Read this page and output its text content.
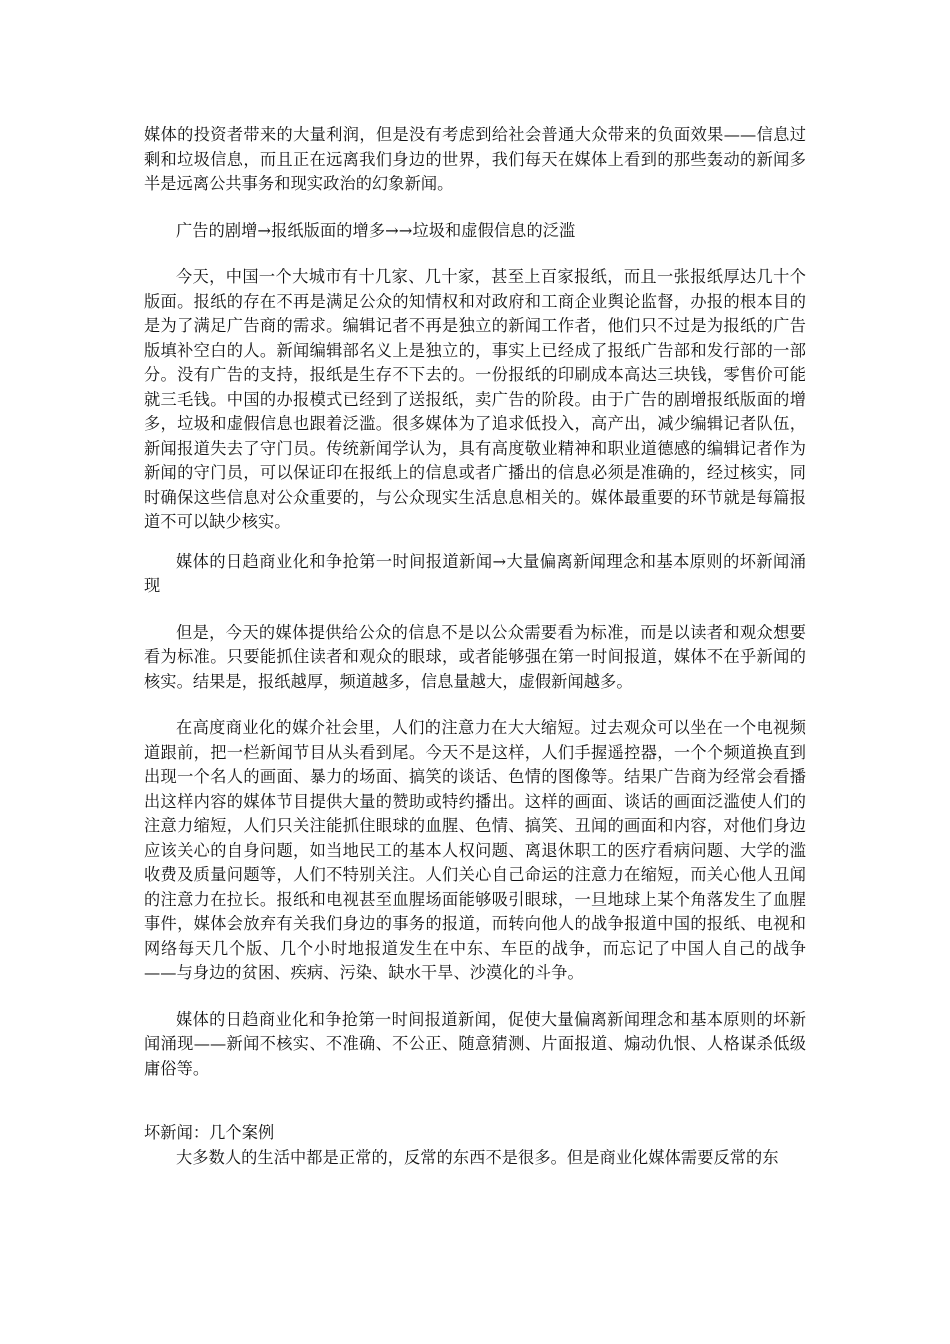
媒体的投资者带来的大量利润，但是没有考虑到给社会普通大众带来的负面效果——信息过剩和垃圾信息，而且正在远离我们身边的世界，我们每天在媒体上看到的那些轰动的新闻多半是远离公共事务和现实政治的幻象新闻。

广告的剧增→报纸版面的增多→→垃圾和虚假信息的泛滥

今天，中国一个大城市有十几家、几十家，甚至上百家报纸，而且一张报纸厚达几十个版面。报纸的存在不再是满足公众的知情权和对政府和工商企业舆论监督，办报的根本目的是为了满足广告商的需求。编辑记者不再是独立的新闻工作者，他们只不过是为报纸的广告版填补空白的人。新闻编辑部名义上是独立的，事实上已经成了报纸广告部和发行部的一部分。没有广告的支持，报纸是生存不下去的。一份报纸的印刷成本高达三块钱，零售价可能就三毛钱。中国的办报模式已经到了送报纸，卖广告的阶段。由于广告的剧增报纸版面的增多，垃圾和虚假信息也跟着泛滥。很多媒体为了追求低投入，高产出，减少编辑记者队伍，新闻报道失去了守门员。传统新闻学认为，具有高度敬业精神和职业道德感的编辑记者作为新闻的守门员，可以保证印在报纸上的信息或者广播出的信息必须是准确的，经过核实，同时确保这些信息对公众重要的，与公众现实生活息息相关的。媒体最重要的环节就是每篇报道不可以缺少核实。

媒体的日趋商业化和争抢第一时间报道新闻→大量偏离新闻理念和基本原则的坏新闻涌现

但是，今天的媒体提供给公众的信息不是以公众需要看为标准，而是以读者和观众想要看为标准。只要能抓住读者和观众的眼球，或者能够强在第一时间报道，媒体不在乎新闻的核实。结果是，报纸越厚，频道越多，信息量越大，虚假新闻越多。

在高度商业化的媒介社会里，人们的注意力在大大缩短。过去观众可以坐在一个电视频道跟前，把一栏新闻节目从头看到尾。今天不是这样，人们手握遥控器，一个个频道换直到出现一个名人的画面、暴力的场面、搞笑的谈话、色情的图像等。结果广告商为经常会看播出这样内容的媒体节目提供大量的赞助或特约播出。这样的画面、谈话的画面泛滥使人们的注意力缩短，人们只关注能抓住眼球的血腥、色情、搞笑、丑闻的画面和内容，对他们身边应该关心的自身问题，如当地民工的基本人权问题、离退休职工的医疗看病问题、大学的滥收费及质量问题等，人们不特别关注。人们关心自己命运的注意力在缩短，而关心他人丑闻的注意力在拉长。报纸和电视甚至血腥场面能够吸引眼球，一旦地球上某个角落发生了血腥事件，媒体会放弃有关我们身边的事务的报道，而转向他人的战争报道中国的报纸、电视和网络每天几个版、几个小时地报道发生在中东、车臣的战争，而忘记了中国人自己的战争——与身边的贫困、疾病、污染、缺水干旱、沙漠化的斗争。

媒体的日趋商业化和争抢第一时间报道新闻，促使大量偏离新闻理念和基本原则的坏新闻涌现——新闻不核实、不准确、不公正、随意猜测、片面报道、煽动仇恨、人格谋杀低级庸俗等。

坏新闻：几个案例

大多数人的生活中都是正常的，反常的东西不是很多。但是商业化媒体需要反常的东
